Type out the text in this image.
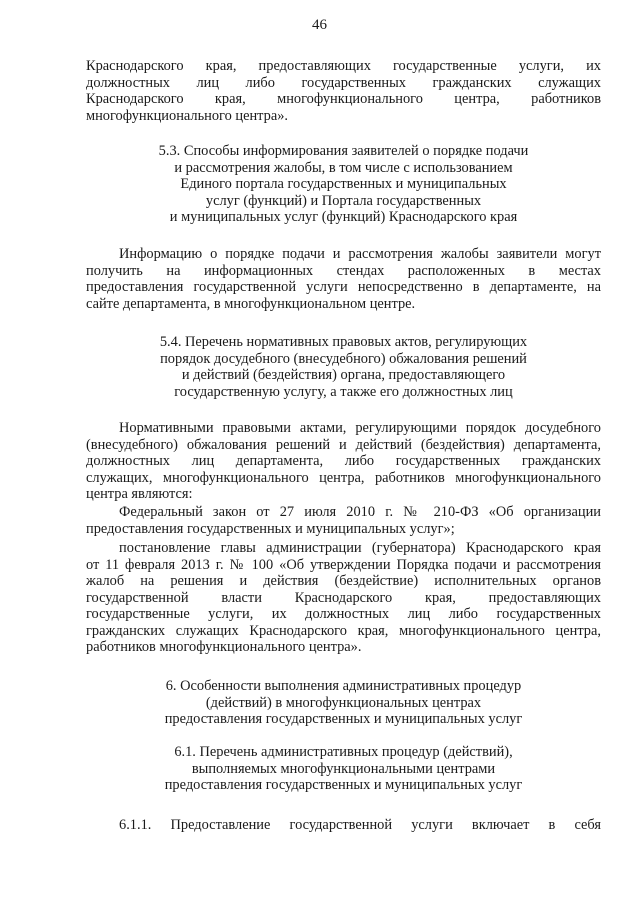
46
Краснодарского края, предоставляющих государственные услуги, их
должностных лиц либо государственных гражданских служащих
Краснодарского края, многофункционального центра, работников
многофункционального центра».
5.3. Способы информирования заявителей о порядке подачи
и рассмотрения жалобы, в том числе с использованием
Единого портала государственных и муниципальных
услуг (функций) и Портала государственных
и муниципальных услуг (функций) Краснодарского края
Информацию о порядке подачи и рассмотрения жалобы заявители могут
получить на информационных стендах расположенных в местах
предоставления государственной услуги непосредственно в департаменте, на
сайте департамента, в многофункциональном центре.
5.4. Перечень нормативных правовых актов, регулирующих
порядок досудебного (внесудебного) обжалования решений
и действий (бездействия) органа, предоставляющего
государственную услугу, а также его должностных лиц
Нормативными правовыми актами, регулирующими порядок досудебного
(внесудебного) обжалования решений и действий (бездействия) департамента,
должностных лиц департамента, либо государственных гражданских
служащих, многофункционального центра, работников многофункционального
центра являются:
Федеральный закон от 27 июля 2010 г. № 210-ФЗ «Об организации
предоставления государственных и муниципальных услуг»;
постановление главы администрации (губернатора) Краснодарского края
от 11 февраля 2013 г. № 100 «Об утверждении Порядка подачи и рассмотрения
жалоб на решения и действия (бездействие) исполнительных органов
государственной власти Краснодарского края, предоставляющих
государственные услуги, их должностных лиц либо государственных
гражданских служащих Краснодарского края, многофункционального центра,
работников многофункционального центра».
6. Особенности выполнения административных процедур
(действий) в многофункциональных центрах
предоставления государственных и муниципальных услуг
6.1. Перечень административных процедур (действий),
выполняемых многофункциональными центрами
предоставления государственных и муниципальных услуг
6.1.1. Предоставление государственной услуги включает в себя
